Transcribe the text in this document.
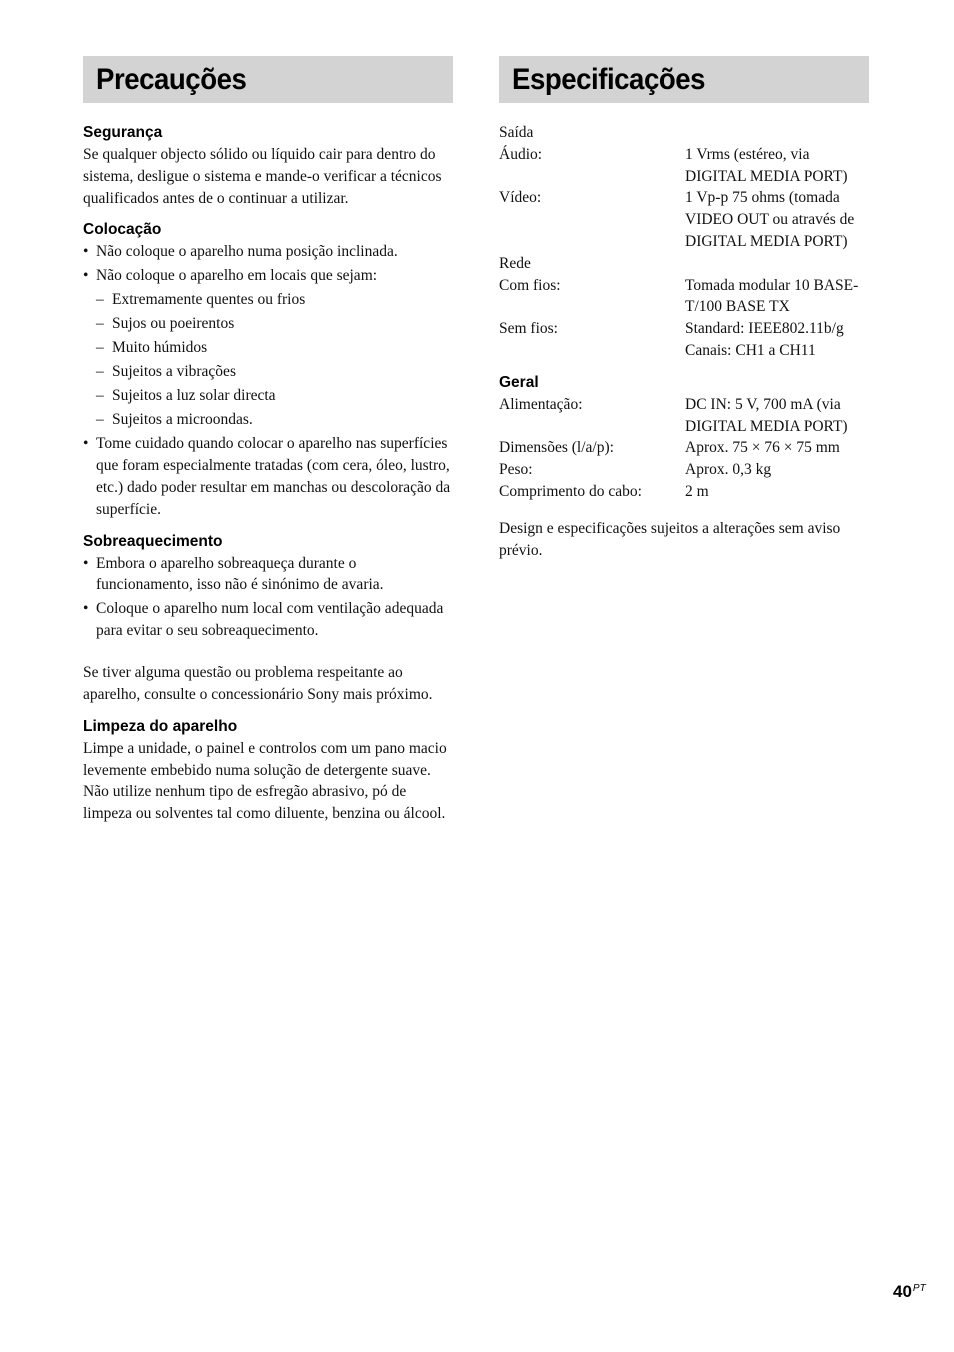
Precauções
Segurança

Se qualquer objecto sólido ou líquido cair para dentro do sistema, desligue o sistema e mande-o verificar a técnicos qualificados antes de o continuar a utilizar.

Colocação
• Não coloque o aparelho numa posição inclinada.
• Não coloque o aparelho em locais que sejam:
– Extremamente quentes ou frios
– Sujos ou poeirentos
– Muito húmidos
– Sujeitos a vibrações
– Sujeitos a luz solar directa
– Sujeitos a microondas.
• Tome cuidado quando colocar o aparelho nas superfícies que foram especialmente tratadas (com cera, óleo, lustro, etc.) dado poder resultar em manchas ou descoloração da superfície.
Sobreaquecimento
• Embora o aparelho sobreaqueça durante o funcionamento, isso não é sinónimo de avaria.
• Coloque o aparelho num local com ventilação adequada para evitar o seu sobreaquecimento.

Se tiver alguma questão ou problema respeitante ao aparelho, consulte o concessionário Sony mais próximo.

Limpeza do aparelho

Limpe a unidade, o painel e controlos com um pano macio levemente embebido numa solução de detergente suave. Não utilize nenhum tipo de esfregão abrasivo, pó de limpeza ou solventes tal como diluente, benzina ou álcool.

Especificações

Saída

Áudio:	1 Vrms (estéreo, via DIGITAL MEDIA PORT)
Vídeo:	1 Vp-p 75 ohms (tomada VIDEO OUT ou através de DIGITAL MEDIA PORT)

Rede

Com fios:	Tomada modular 10 BASE-T/100 BASE TX
Sem fios:	Standard: IEEE802.11b/g
Canais: CH1 a CH11
Geral
Alimentação:	DC IN: 5 V, 700 mA (via DIGITAL MEDIA PORT)
Dimensões (l/a/p):	Aprox. 75 × 76 × 75 mm
Peso:	Aprox. 0,3 kg
Comprimento do cabo:	2 m

Design e especificações sujeitos a alterações sem aviso prévio.

$40^{PT}$
